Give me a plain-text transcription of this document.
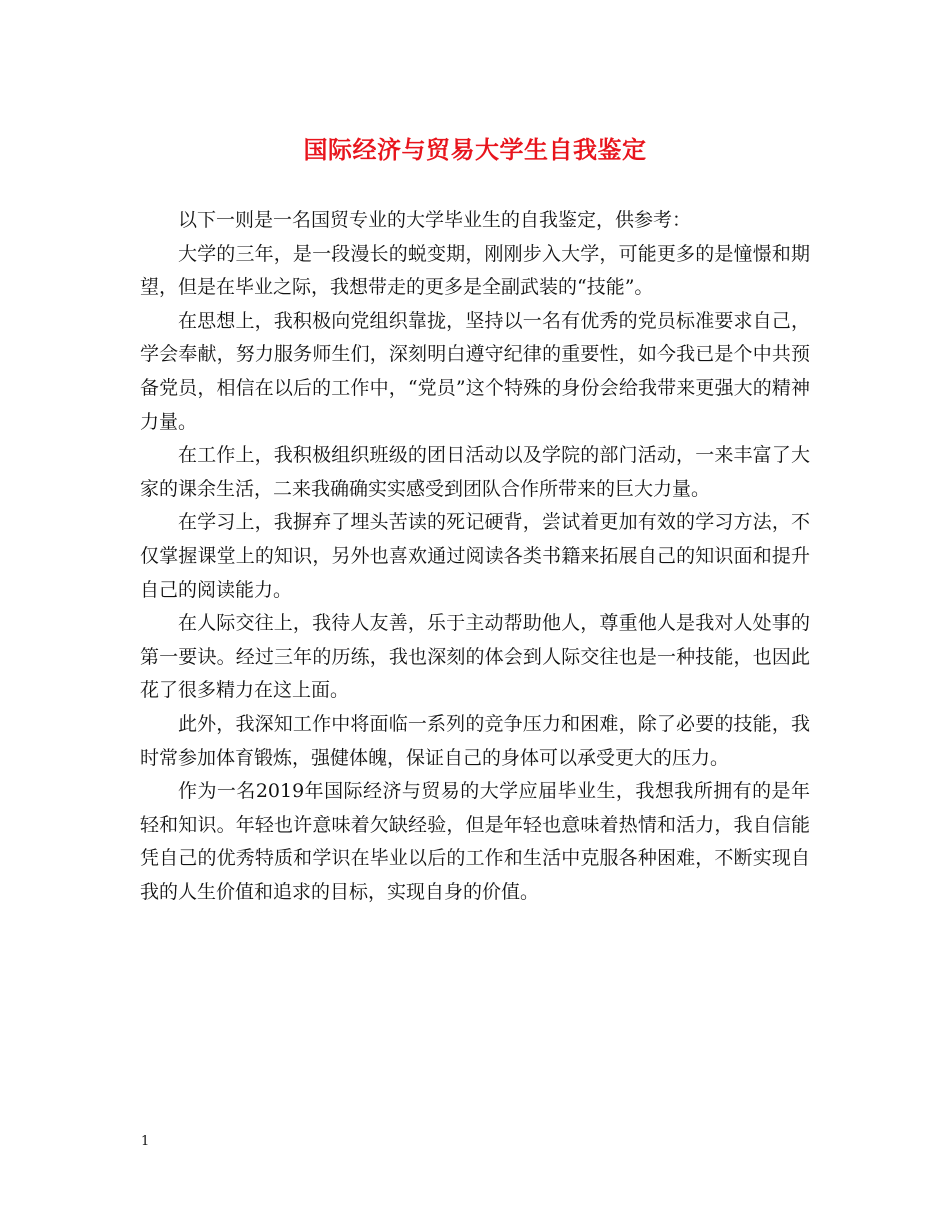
国际经济与贸易大学生自我鉴定

以下一则是一名国贸专业的大学毕业生的自我鉴定，供参考：

大学的三年，是一段漫长的蜕变期，刚刚步入大学，可能更多的是憧憬和期望，但是在毕业之际，我想带走的更多是全副武装的“技能”。

在思想上，我积极向党组织靠拢，坚持以一名有优秀的党员标准要求自己，学会奉献，努力服务师生们，深刻明白遵守纪律的重要性，如今我已是个中共预备党员，相信在以后的工作中，“党员”这个特殊的身份会给我带来更强大的精神力量。

在工作上，我积极组织班级的团日活动以及学院的部门活动，一来丰富了大家的课余生活，二来我确确实实感受到团队合作所带来的巨大力量。

在学习上，我摒弃了埋头苦读的死记硬背，尝试着更加有效的学习方法，不仅掌握课堂上的知识，另外也喜欢通过阅读各类书籍来拓展自己的知识面和提升自己的阅读能力。

在人际交往上，我待人友善，乐于主动帮助他人，尊重他人是我对人处事的第一要诀。经过三年的历练，我也深刻的体会到人际交往也是一种技能，也因此花了很多精力在这上面。

此外，我深知工作中将面临一系列的竞争压力和困难，除了必要的技能，我时常参加体育锻炼，强健体魄，保证自己的身体可以承受更大的压力。

作为一名2019年国际经济与贸易的大学应届毕业生，我想我所拥有的是年轻和知识。年轻也许意味着欠缺经验，但是年轻也意味着热情和活力，我自信能凭自己的优秀特质和学识在毕业以后的工作和生活中克服各种困难，不断实现自我的人生价值和追求的目标，实现自身的价值。

1
